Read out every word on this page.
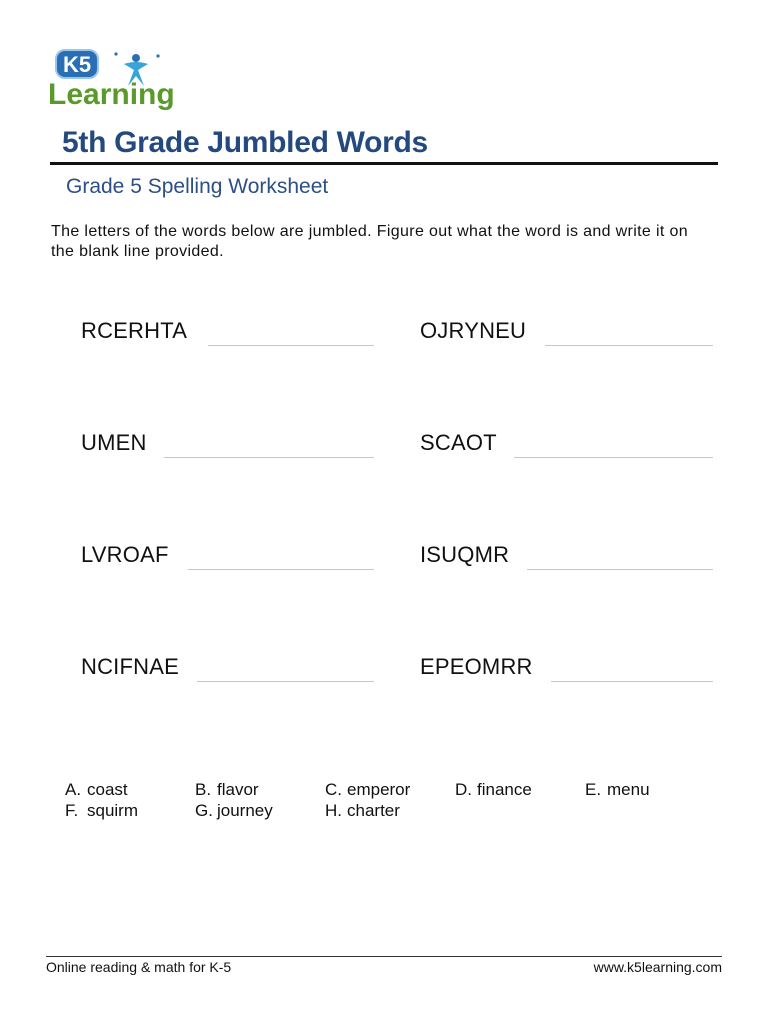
K5
Learning
5th Grade Jumbled Words
Grade 5 Spelling Worksheet
The letters of the words below are jumbled. Figure out what the word is and write it on the blank line provided.
RCERHTA	OJRYNEU
UMEN	SCAOT
LVROAF	ISUQMR
NCIFNAE	EPEOMRR
A. coast	B. flavor	C. emperor	D. finance	E. menu
F. squirm	G. journey	H. charter
Online reading & math for K-5	www.k5learning.com
